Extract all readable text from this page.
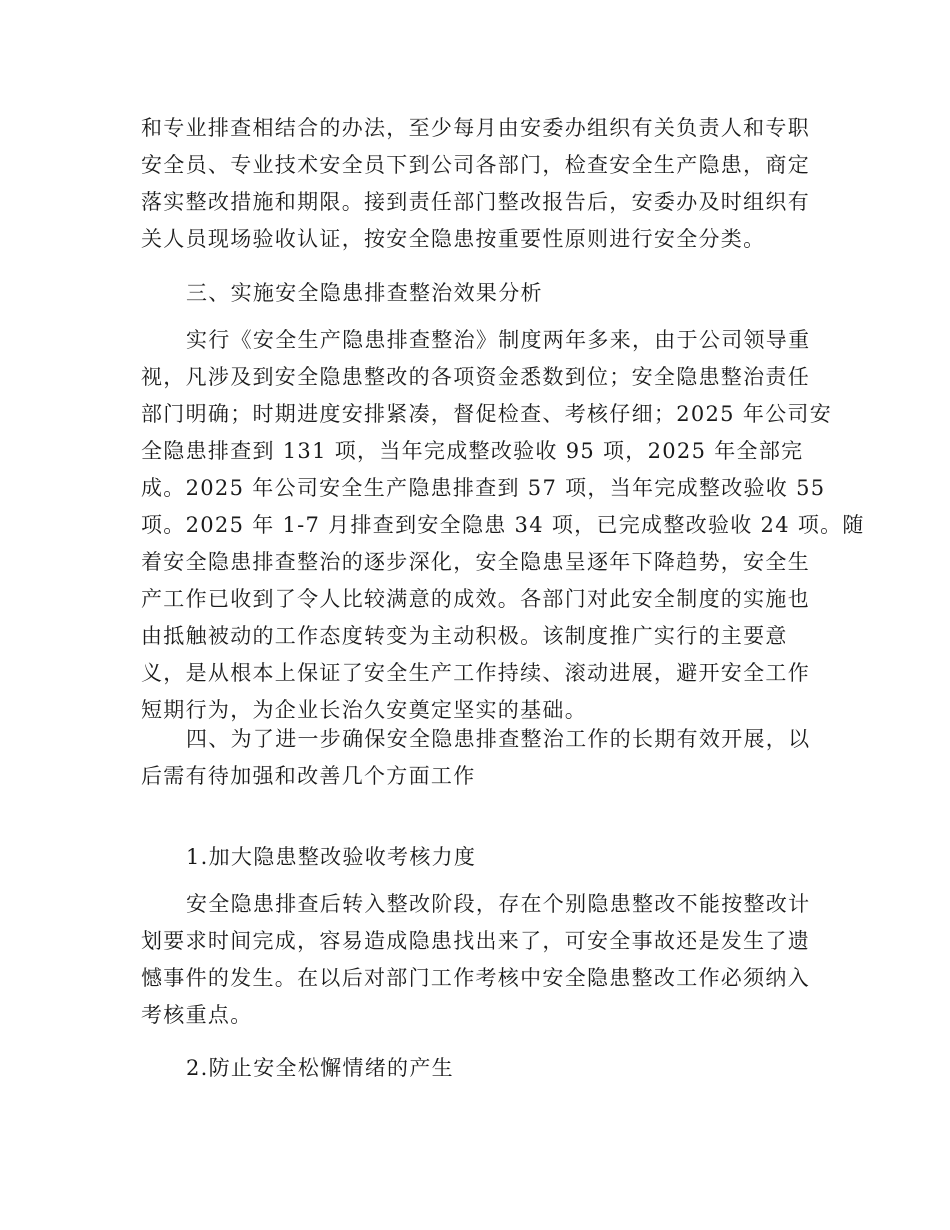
和专业排查相结合的办法，至少每月由安委办组织有关负责人和专职
安全员、专业技术安全员下到公司各部门，检查安全生产隐患，商定
落实整改措施和期限。接到责任部门整改报告后，安委办及时组织有
关人员现场验收认证，按安全隐患按重要性原则进行安全分类。
三、实施安全隐患排查整治效果分析
实行《安全生产隐患排查整治》制度两年多来，由于公司领导重
视，凡涉及到安全隐患整改的各项资金悉数到位；安全隐患整治责任
部门明确；时期进度安排紧凑，督促检查、考核仔细；2025 年公司安
全隐患排查到 131 项，当年完成整改验收 95 项，2025 年全部完
成。2025 年公司安全生产隐患排查到 57 项，当年完成整改验收 55
项。2025 年 1-7 月排查到安全隐患 34 项，已完成整改验收 24 项。随
着安全隐患排查整治的逐步深化，安全隐患呈逐年下降趋势，安全生
产工作已收到了令人比较满意的成效。各部门对此安全制度的实施也
由抵触被动的工作态度转变为主动积极。该制度推广实行的主要意
义，是从根本上保证了安全生产工作持续、滚动进展，避开安全工作
短期行为，为企业长治久安奠定坚实的基础。
四、为了进一步确保安全隐患排查整治工作的长期有效开展，以
后需有待加强和改善几个方面工作
1.加大隐患整改验收考核力度
安全隐患排查后转入整改阶段，存在个别隐患整改不能按整改计
划要求时间完成，容易造成隐患找出来了，可安全事故还是发生了遗
憾事件的发生。在以后对部门工作考核中安全隐患整改工作必须纳入
考核重点。
2.防止安全松懈情绪的产生
